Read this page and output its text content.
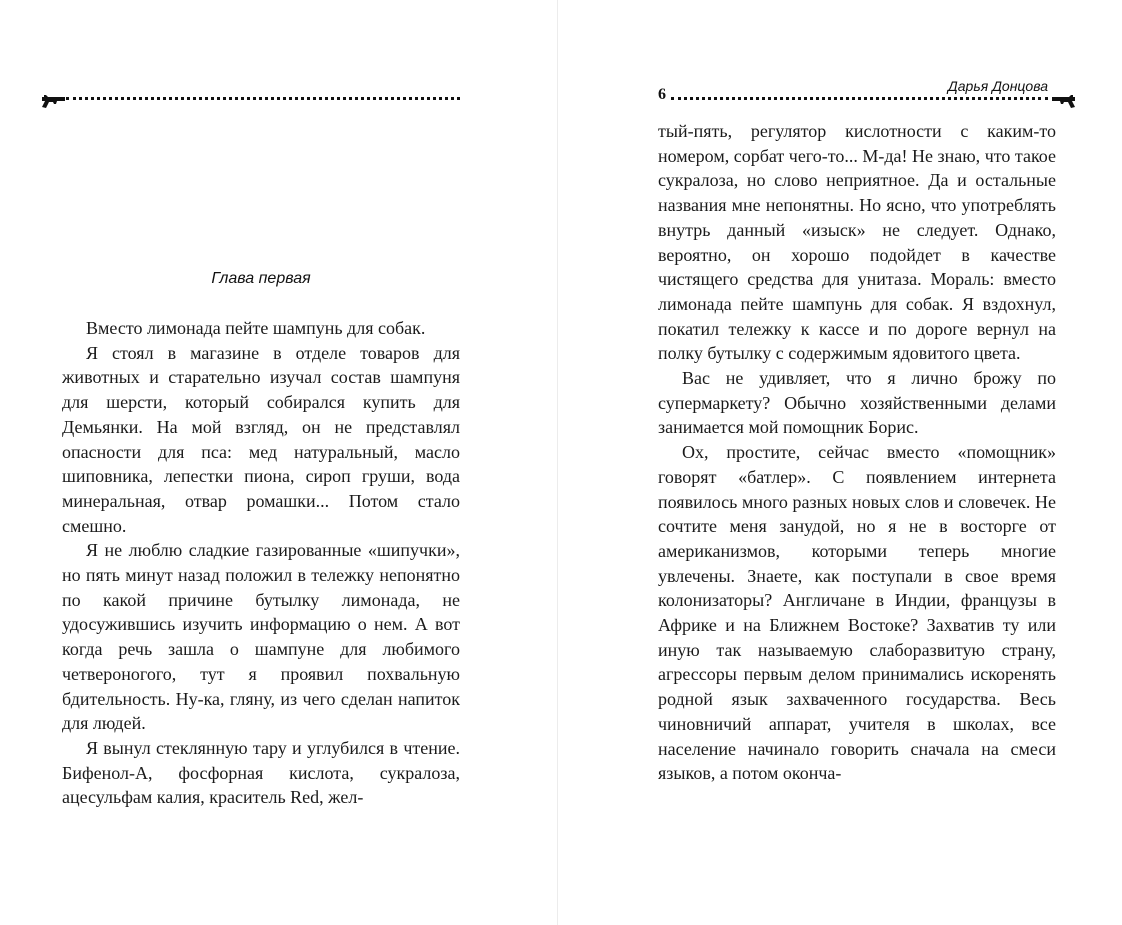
Глава первая

Вместо лимонада пейте шампунь для собак.

Я стоял в магазине в отделе товаров для животных и старательно изучал состав шампуня для шерсти, который собирался купить для Демьянки. На мой взгляд, он не представлял опасности для пса: мед натуральный, масло шиповника, лепестки пиона, сироп груши, вода минеральная, отвар ромашки... Потом стало смешно.

Я не люблю сладкие газированные «шипучки», но пять минут назад положил в тележку непонятно по какой причине бутылку лимонада, не удосужившись изучить информацию о нем. А вот когда речь зашла о шампуне для любимого четвероногого, тут я проявил похвальную бдительность. Ну-ка, гляну, из чего сделан напиток для людей.

Я вынул стеклянную тару и углубился в чтение. Бифенол-А, фосфорная кислота, сукралоза, ацесульфам калия, краситель Red, жел-

Дарья Донцова
6

тый-пять, регулятор кислотности с каким-то номером, сорбат чего-то... М-да! Не знаю, что такое сукралоза, но слово неприятное. Да и остальные названия мне непонятны. Но ясно, что употреблять внутрь данный «изыск» не следует. Однако, вероятно, он хорошо подойдет в качестве чистящего средства для унитаза. Мораль: вместо лимонада пейте шампунь для собак. Я вздохнул, покатил тележку к кассе и по дороге вернул на полку бутылку с содержимым ядовитого цвета.

Вас не удивляет, что я лично брожу по супермаркету? Обычно хозяйственными делами занимается мой помощник Борис.

Ох, простите, сейчас вместо «помощник» говорят «батлер». С появлением интернета появилось много разных новых слов и словечек. Не сочтите меня занудой, но я не в восторге от американизмов, которыми теперь многие увлечены. Знаете, как поступали в свое время колонизаторы? Англичане в Индии, французы в Африке и на Ближнем Востоке? Захватив ту или иную так называемую слаборазвитую страну, агрессоры первым делом принимались искоренять родной язык захваченного государства. Весь чиновничий аппарат, учителя в школах, все население начинало говорить сначала на смеси языков, а потом окончa-
